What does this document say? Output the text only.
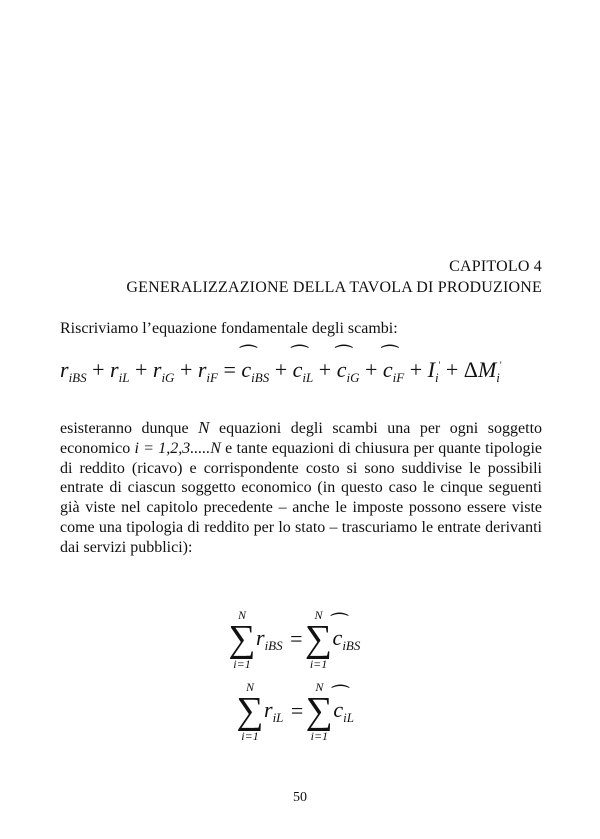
CAPITOLO 4
GENERALIZZAZIONE DELLA TAVOLA DI PRODUZIONE
Riscriviamo l’equazione fondamentale degli scambi:
$r_{iBS} + r_{iL} + r_{iG} + r_{iF}$ = ⁀ $c_{iBS}$ + ⁀ $c_{iL}$ + ⁀ $c_{iG}$ + ⁀ $c_{iF} + I_i' + \Delta M_i'$
esisteranno dunque N equazioni degli scambi una per ogni soggetto economico i = 1,2,3.....N e tante equazioni di chiusura per quante tipologie di reddito (ricavo) e corrispondente costo si sono suddivise le possibili entrate di ciascun soggetto economico (in questo caso le cinque seguenti già viste nel capitolo precedente – anche le imposte possono essere viste come una tipologia di reddito per lo stato – trascuriamo le entrate derivanti dai servizi pubblici):
N
∑
i=1
$r_{iBS}$ =
N
∑
i=1
⁀ $c_{iBS}$
N
∑
i=1
$r_{iL}$ =
N
∑
i=1
⁀ $c_{iL}$
50
